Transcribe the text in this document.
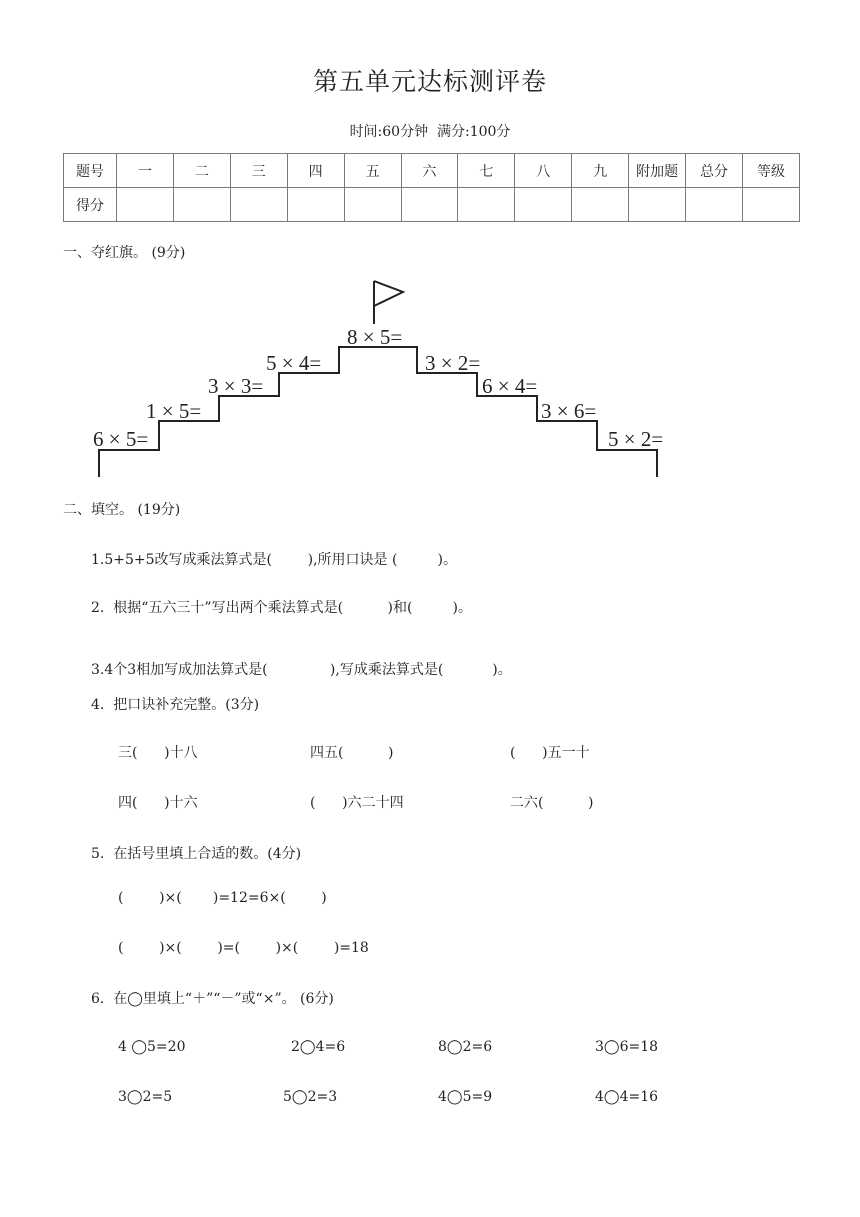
第五单元达标测评卷
时间:60分钟  满分:100分
题号	一	二	三	四	五	六	七	八	九	附加题	总分	等级
得分												
一、夺红旗。 (9分)
6 × 5=
1 × 5=
3 × 3=
5 × 4=
8 × 5=
3 × 2=
6 × 4=
3 × 6=
5 × 2=
二、填空。 (19分)
1.5+5+5改写成乘法算式是(        ),所用口诀是 (         )。
2.  根据“五六三十”写出两个乘法算式是(          )和(         )。
3.4个3相加写成加法算式是(              ),写成乘法算式是(           )。
4.  把口诀补充完整。(3分)
三(      )十八	四五(          )	(      )五一十
四(      )十六	(      )六二十四	二六(          )
5.  在括号里填上合适的数。(4分)
(        )×(       )=12=6×(        )
(        )×(        )=(        )×(        )=18
6.  在◯里填上“＋”“－”或“×”。 (6分)
4 ◯5=20	2◯4=6	8◯2=6	3◯6=18
3◯2=5	5◯2=3	4◯5=9	4◯4=16
